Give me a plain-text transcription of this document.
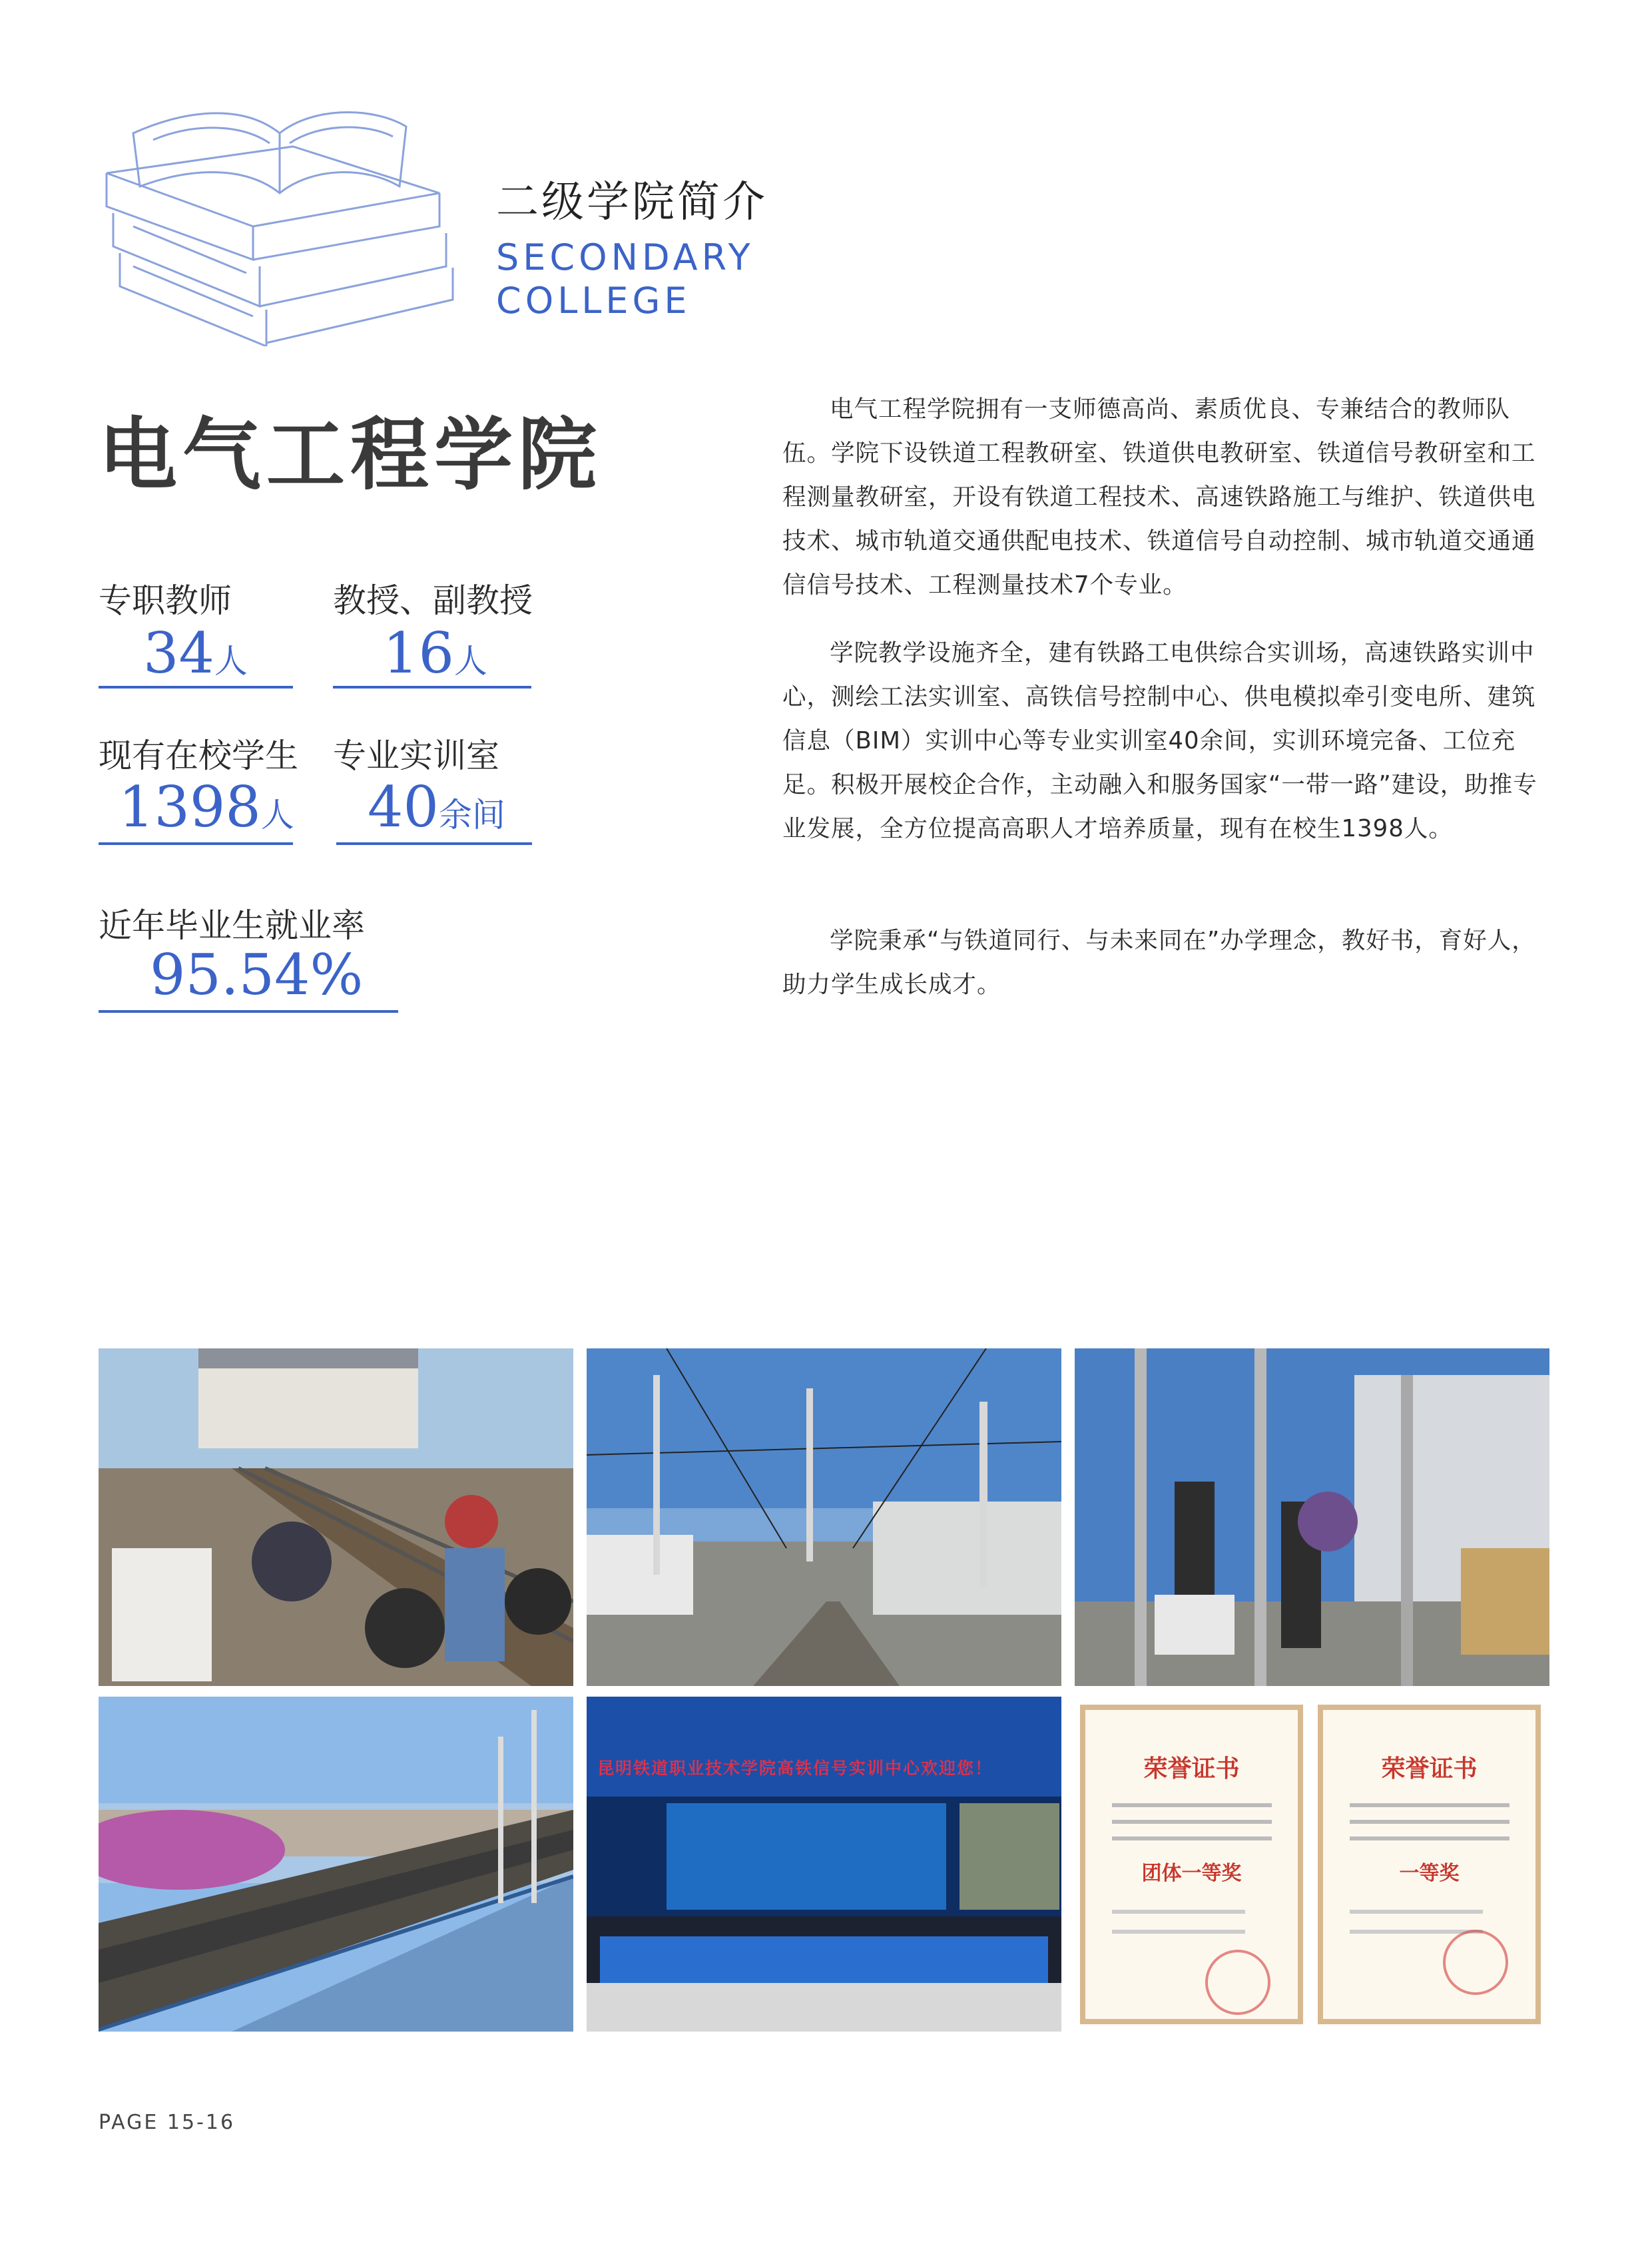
二级学院简介
SECONDARY
COLLEGE
电气工程学院
专职教师
34人
教授、副教授
16人
现有在校学生
1398人
专业实训室
40余间
近年毕业生就业率
95.54%
电气工程学院拥有一支师德高尚、素质优良、专兼结合的教师队伍。学院下设铁道工程教研室、铁道供电教研室、铁道信号教研室和工程测量教研室，开设有铁道工程技术、高速铁路施工与维护、铁道供电技术、城市轨道交通供配电技术、铁道信号自动控制、城市轨道交通通信信号技术、工程测量技术7个专业。
学院教学设施齐全，建有铁路工电供综合实训场，高速铁路实训中心，测绘工法实训室、高铁信号控制中心、供电模拟牵引变电所、建筑信息（BIM）实训中心等专业实训室40余间，实训环境完备、工位充足。积极开展校企合作，主动融入和服务国家“一带一路”建设，助推专业发展，全方位提高高职人才培养质量，现有在校生1398人。
学院秉承“与铁道同行、与未来同在”办学理念，教好书，育好人，助力学生成长成才。
昆明铁道职业技术学院高铁信号实训中心欢迎您！	荣誉证书
团体一等奖
荣誉证书
一等奖
PAGE 15-16
